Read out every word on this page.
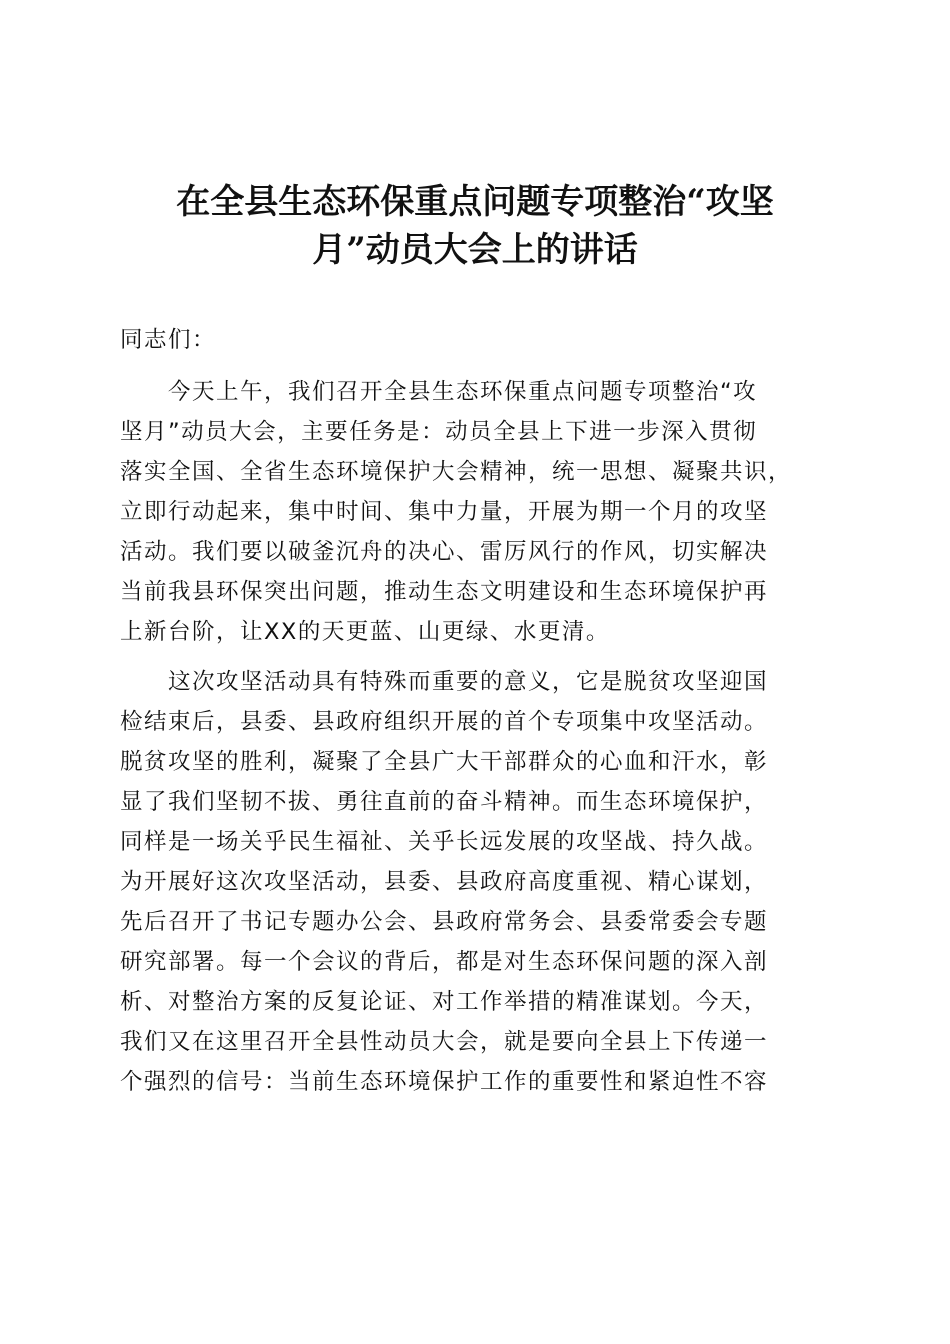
在全县生态环保重点问题专项整治“攻坚
月”动员大会上的讲话
同志们：
今天上午，我们召开全县生态环保重点问题专项整治“攻
坚月”动员大会，主要任务是：动员全县上下进一步深入贯彻
落实全国、全省生态环境保护大会精神，统一思想、凝聚共识，
立即行动起来，集中时间、集中力量，开展为期一个月的攻坚
活动。我们要以破釜沉舟的决心、雷厉风行的作风，切实解决
当前我县环保突出问题，推动生态文明建设和生态环境保护再
上新台阶，让XX的天更蓝、山更绿、水更清。
这次攻坚活动具有特殊而重要的意义，它是脱贫攻坚迎国
检结束后，县委、县政府组织开展的首个专项集中攻坚活动。
脱贫攻坚的胜利，凝聚了全县广大干部群众的心血和汗水，彰
显了我们坚韧不拔、勇往直前的奋斗精神。而生态环境保护，
同样是一场关乎民生福祉、关乎长远发展的攻坚战、持久战。
为开展好这次攻坚活动，县委、县政府高度重视、精心谋划，
先后召开了书记专题办公会、县政府常务会、县委常委会专题
研究部署。每一个会议的背后，都是对生态环保问题的深入剖
析、对整治方案的反复论证、对工作举措的精准谋划。今天，
我们又在这里召开全县性动员大会，就是要向全县上下传递一
个强烈的信号：当前生态环境保护工作的重要性和紧迫性不容
